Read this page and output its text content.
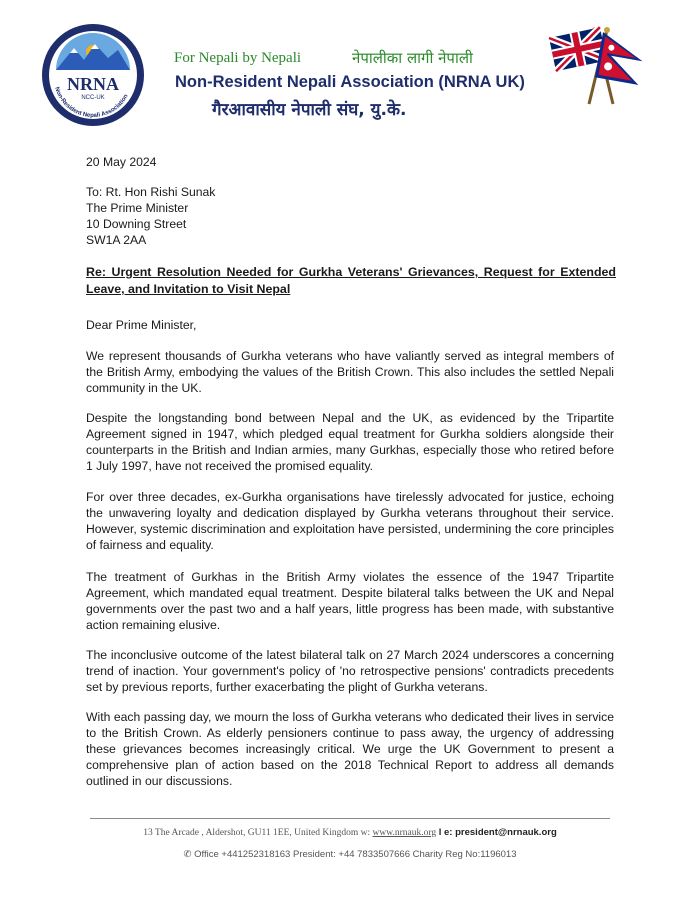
NRNA
NCC-UK
Non-Resident Nepali Association
For Nepali by Nepali	नेपालीका लागी नेपाली
Non-Resident Nepali Association (NRNA UK)
गैरआवासीय नेपाली संघ, यु.के.
20 May 2024
To: Rt. Hon Rishi Sunak
The Prime Minister
10 Downing Street
SW1A 2AA
Re: Urgent Resolution Needed for Gurkha Veterans' Grievances, Request for Extended Leave, and Invitation to Visit Nepal
Dear Prime Minister,

We represent thousands of Gurkha veterans who have valiantly served as integral members of the British Army, embodying the values of the British Crown. This also includes the settled Nepali community in the UK.

Despite the longstanding bond between Nepal and the UK, as evidenced by the Tripartite Agreement signed in 1947, which pledged equal treatment for Gurkha soldiers alongside their counterparts in the British and Indian armies, many Gurkhas, especially those who retired before 1 July 1997, have not received the promised equality.

For over three decades, ex-Gurkha organisations have tirelessly advocated for justice, echoing the unwavering loyalty and dedication displayed by Gurkha veterans throughout their service. However, systemic discrimination and exploitation have persisted, undermining the core principles of fairness and equality.

The treatment of Gurkhas in the British Army violates the essence of the 1947 Tripartite Agreement, which mandated equal treatment. Despite bilateral talks between the UK and Nepal governments over the past two and a half years, little progress has been made, with substantive action remaining elusive.

The inconclusive outcome of the latest bilateral talk on 27 March 2024 underscores a concerning trend of inaction. Your government's policy of 'no retrospective pensions' contradicts precedents set by previous reports, further exacerbating the plight of Gurkha veterans.

With each passing day, we mourn the loss of Gurkha veterans who dedicated their lives in service to the British Crown. As elderly pensioners continue to pass away, the urgency of addressing these grievances becomes increasingly critical. We urge the UK Government to present a comprehensive plan of action based on the 2018 Technical Report to address all demands outlined in our discussions.

13 The Arcade , Aldershot, GU11 1EE, United Kingdom w: www.nrnauk.org l e: president@nrnauk.org
✆ Office +441252318163 President: +44 7833507666 Charity Reg No:1196013
